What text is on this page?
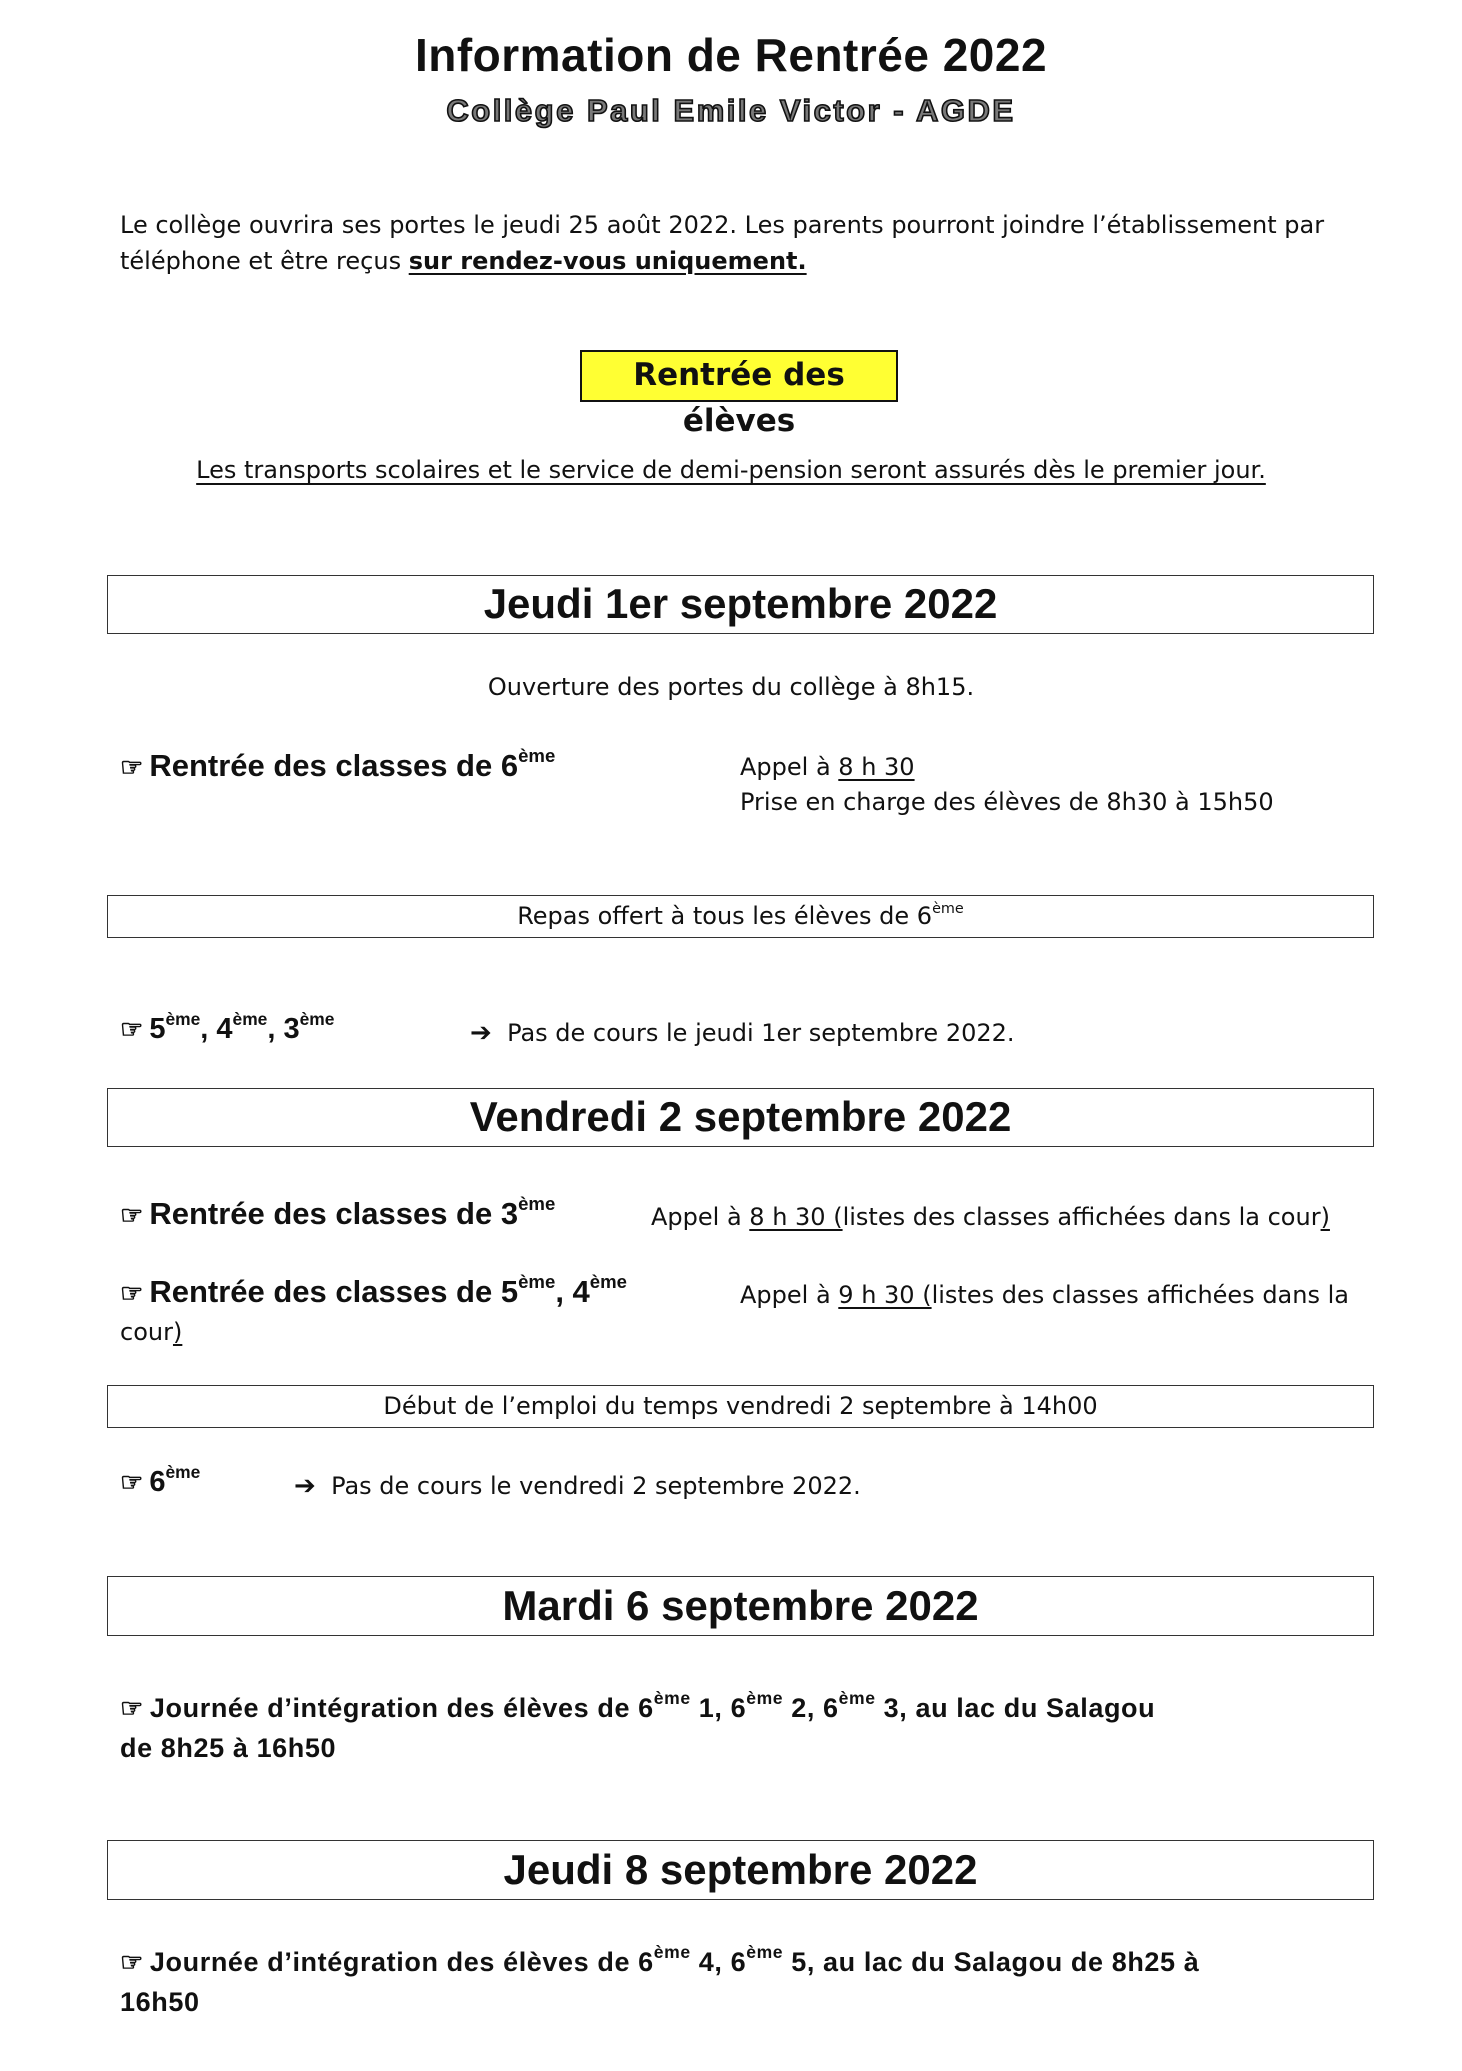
Information de Rentrée 2022
Collège Paul Emile Victor - AGDE
Le collège ouvrira ses portes le jeudi 25 août 2022. Les parents pourront joindre l’établissement par téléphone et être reçus sur rendez-vous uniquement.
Rentrée des élèves
Les transports scolaires et le service de demi-pension seront assurés dès le premier jour.
Jeudi 1er septembre 2022
Ouverture des portes du collège à 8h15.
☞ Rentrée des classes de 6ème	Appel à 8 h 30
Prise en charge des élèves de 8h30 à 15h50
Repas offert à tous les élèves de 6ème
☞ 5ème, 4ème, 3ème	➔ Pas de cours le jeudi 1er septembre 2022.
Vendredi 2 septembre 2022
☞ Rentrée des classes de 3ème	Appel à 8 h 30 (listes des classes affichées dans la cour)
☞ Rentrée des classes de 5ème, 4ème	Appel à 9 h 30 (listes des classes affichées dans la
cour)
Début de l’emploi du temps vendredi 2 septembre à 14h00
☞ 6ème	➔ Pas de cours le vendredi 2 septembre 2022.
Mardi 6 septembre 2022
☞ Journée d’intégration des élèves de 6ème 1, 6ème 2, 6ème 3, au lac du Salagou
de 8h25 à 16h50
Jeudi 8 septembre 2022
☞ Journée d’intégration des élèves de 6ème 4, 6ème 5, au lac du Salagou de 8h25 à
16h50
